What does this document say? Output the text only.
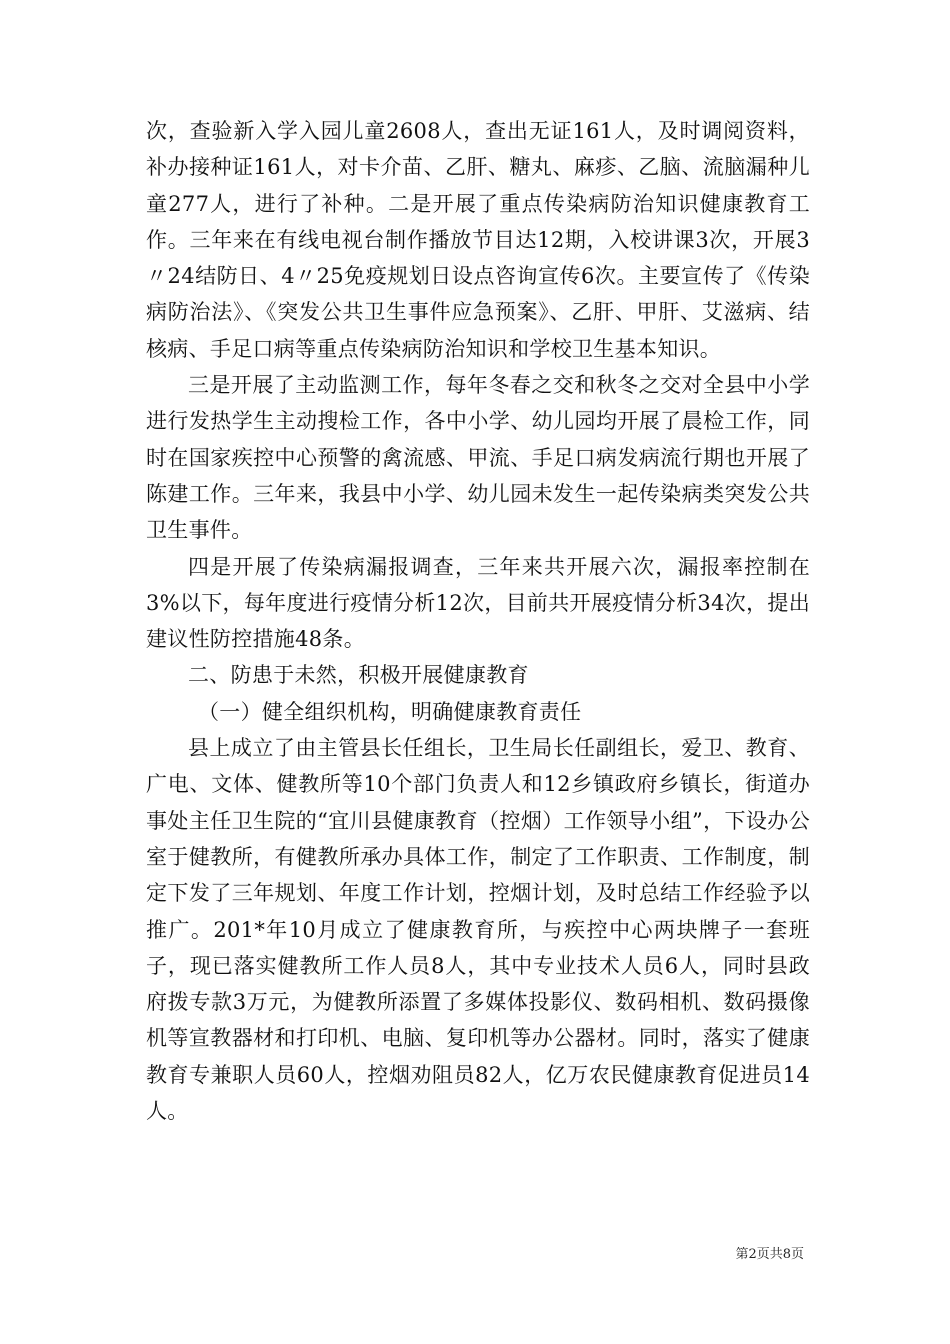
次，查验新入学入园儿童2608人，查出无证161人，及时调阅资料，补办接种证161人，对卡介苗、乙肝、糖丸、麻疹、乙脑、流脑漏种儿童277人，进行了补种。二是开展了重点传染病防治知识健康教育工作。三年来在有线电视台制作播放节目达12期，入校讲课3次，开展3〃24结防日、4〃25免疫规划日设点咨询宣传6次。主要宣传了《传染病防治法》、《突发公共卫生事件应急预案》、乙肝、甲肝、艾滋病、结核病、手足口病等重点传染病防治知识和学校卫生基本知识。

三是开展了主动监测工作，每年冬春之交和秋冬之交对全县中小学进行发热学生主动搜检工作，各中小学、幼儿园均开展了晨检工作，同时在国家疾控中心预警的禽流感、甲流、手足口病发病流行期也开展了陈建工作。三年来，我县中小学、幼儿园未发生一起传染病类突发公共卫生事件。

四是开展了传染病漏报调查，三年来共开展六次，漏报率控制在3%以下，每年度进行疫情分析12次，目前共开展疫情分析34次，提出建议性防控措施48条。

二、防患于未然，积极开展健康教育

（一）健全组织机构，明确健康教育责任

县上成立了由主管县长任组长，卫生局长任副组长，爱卫、教育、广电、文体、健教所等10个部门负责人和12乡镇政府乡镇长，街道办事处主任卫生院的“宜川县健康教育（控烟）工作领导小组”，下设办公室于健教所，有健教所承办具体工作，制定了工作职责、工作制度，制定下发了三年规划、年度工作计划，控烟计划，及时总结工作经验予以推广。201*年10月成立了健康教育所，与疾控中心两块牌子一套班子，现已落实健教所工作人员8人，其中专业技术人员6人，同时县政府拨专款3万元，为健教所添置了多媒体投影仪、数码相机、数码摄像机等宣教器材和打印机、电脑、复印机等办公器材。同时，落实了健康教育专兼职人员60人，控烟劝阻员82人，亿万农民健康教育促进员14人。

第2页共8页
